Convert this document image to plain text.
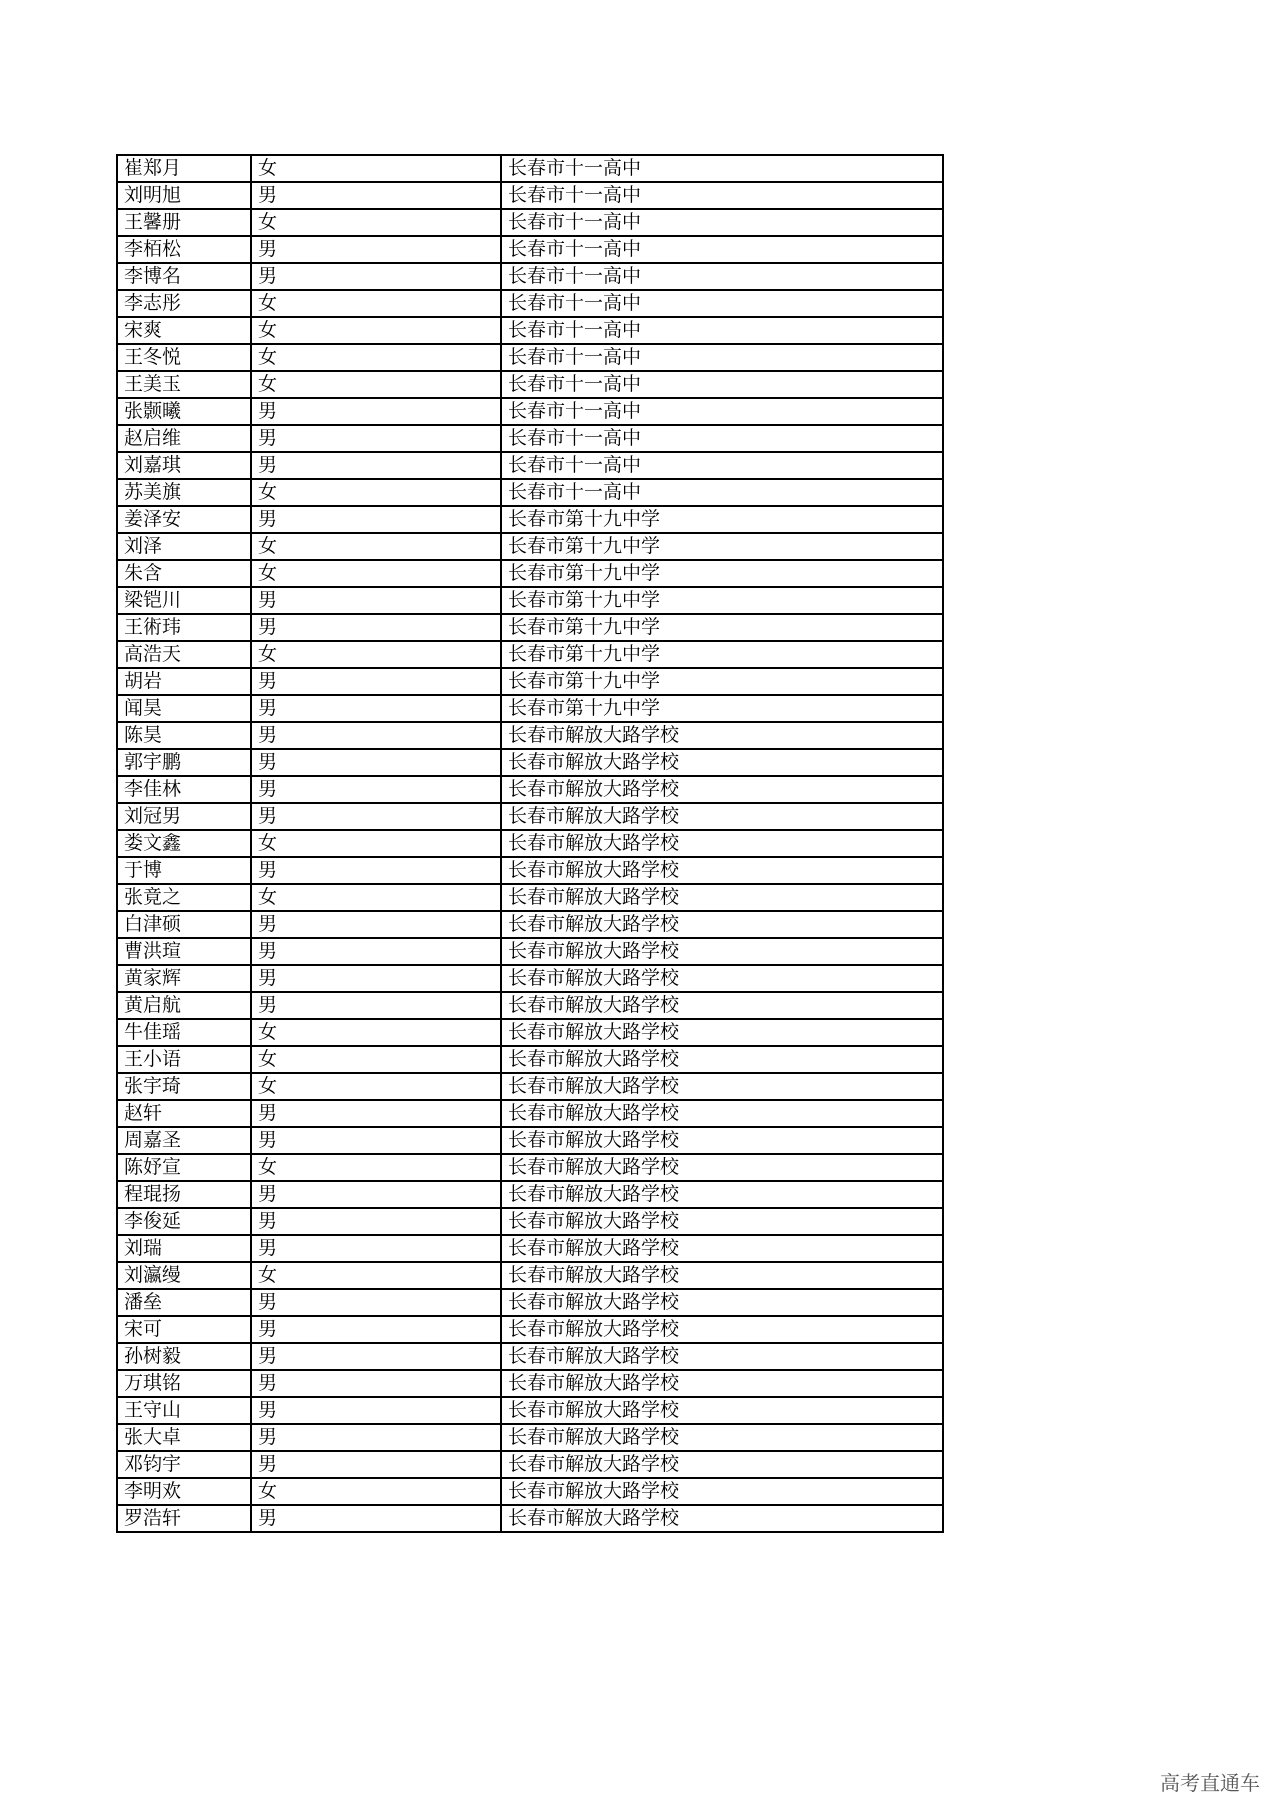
崔郑月	女	长春市十一高中
刘明旭	男	长春市十一高中
王馨册	女	长春市十一高中
李栢松	男	长春市十一高中
李博名	男	长春市十一高中
李志彤	女	长春市十一高中
宋爽	女	长春市十一高中
王冬悦	女	长春市十一高中
王美玉	女	长春市十一高中
张颢曦	男	长春市十一高中
赵启维	男	长春市十一高中
刘嘉琪	男	长春市十一高中
苏美旗	女	长春市十一高中
姜泽安	男	长春市第十九中学
刘泽	女	长春市第十九中学
朱含	女	长春市第十九中学
梁铠川	男	长春市第十九中学
王術玮	男	长春市第十九中学
高浩天	女	长春市第十九中学
胡岩	男	长春市第十九中学
闻昊	男	长春市第十九中学
陈昊	男	长春市解放大路学校
郭宇鹏	男	长春市解放大路学校
李佳林	男	长春市解放大路学校
刘冠男	男	长春市解放大路学校
娄文鑫	女	长春市解放大路学校
于博	男	长春市解放大路学校
张竟之	女	长春市解放大路学校
白津硕	男	长春市解放大路学校
曹洪瑄	男	长春市解放大路学校
黄家辉	男	长春市解放大路学校
黄启航	男	长春市解放大路学校
牛佳瑶	女	长春市解放大路学校
王小语	女	长春市解放大路学校
张宇琦	女	长春市解放大路学校
赵轩	男	长春市解放大路学校
周嘉圣	男	长春市解放大路学校
陈妤宣	女	长春市解放大路学校
程琨扬	男	长春市解放大路学校
李俊延	男	长春市解放大路学校
刘瑞	男	长春市解放大路学校
刘瀛缦	女	长春市解放大路学校
潘垒	男	长春市解放大路学校
宋可	男	长春市解放大路学校
孙树毅	男	长春市解放大路学校
万琪铭	男	长春市解放大路学校
王守山	男	长春市解放大路学校
张大卓	男	长春市解放大路学校
邓钧宇	男	长春市解放大路学校
李明欢	女	长春市解放大路学校
罗浩轩	男	长春市解放大路学校
高考直通车
